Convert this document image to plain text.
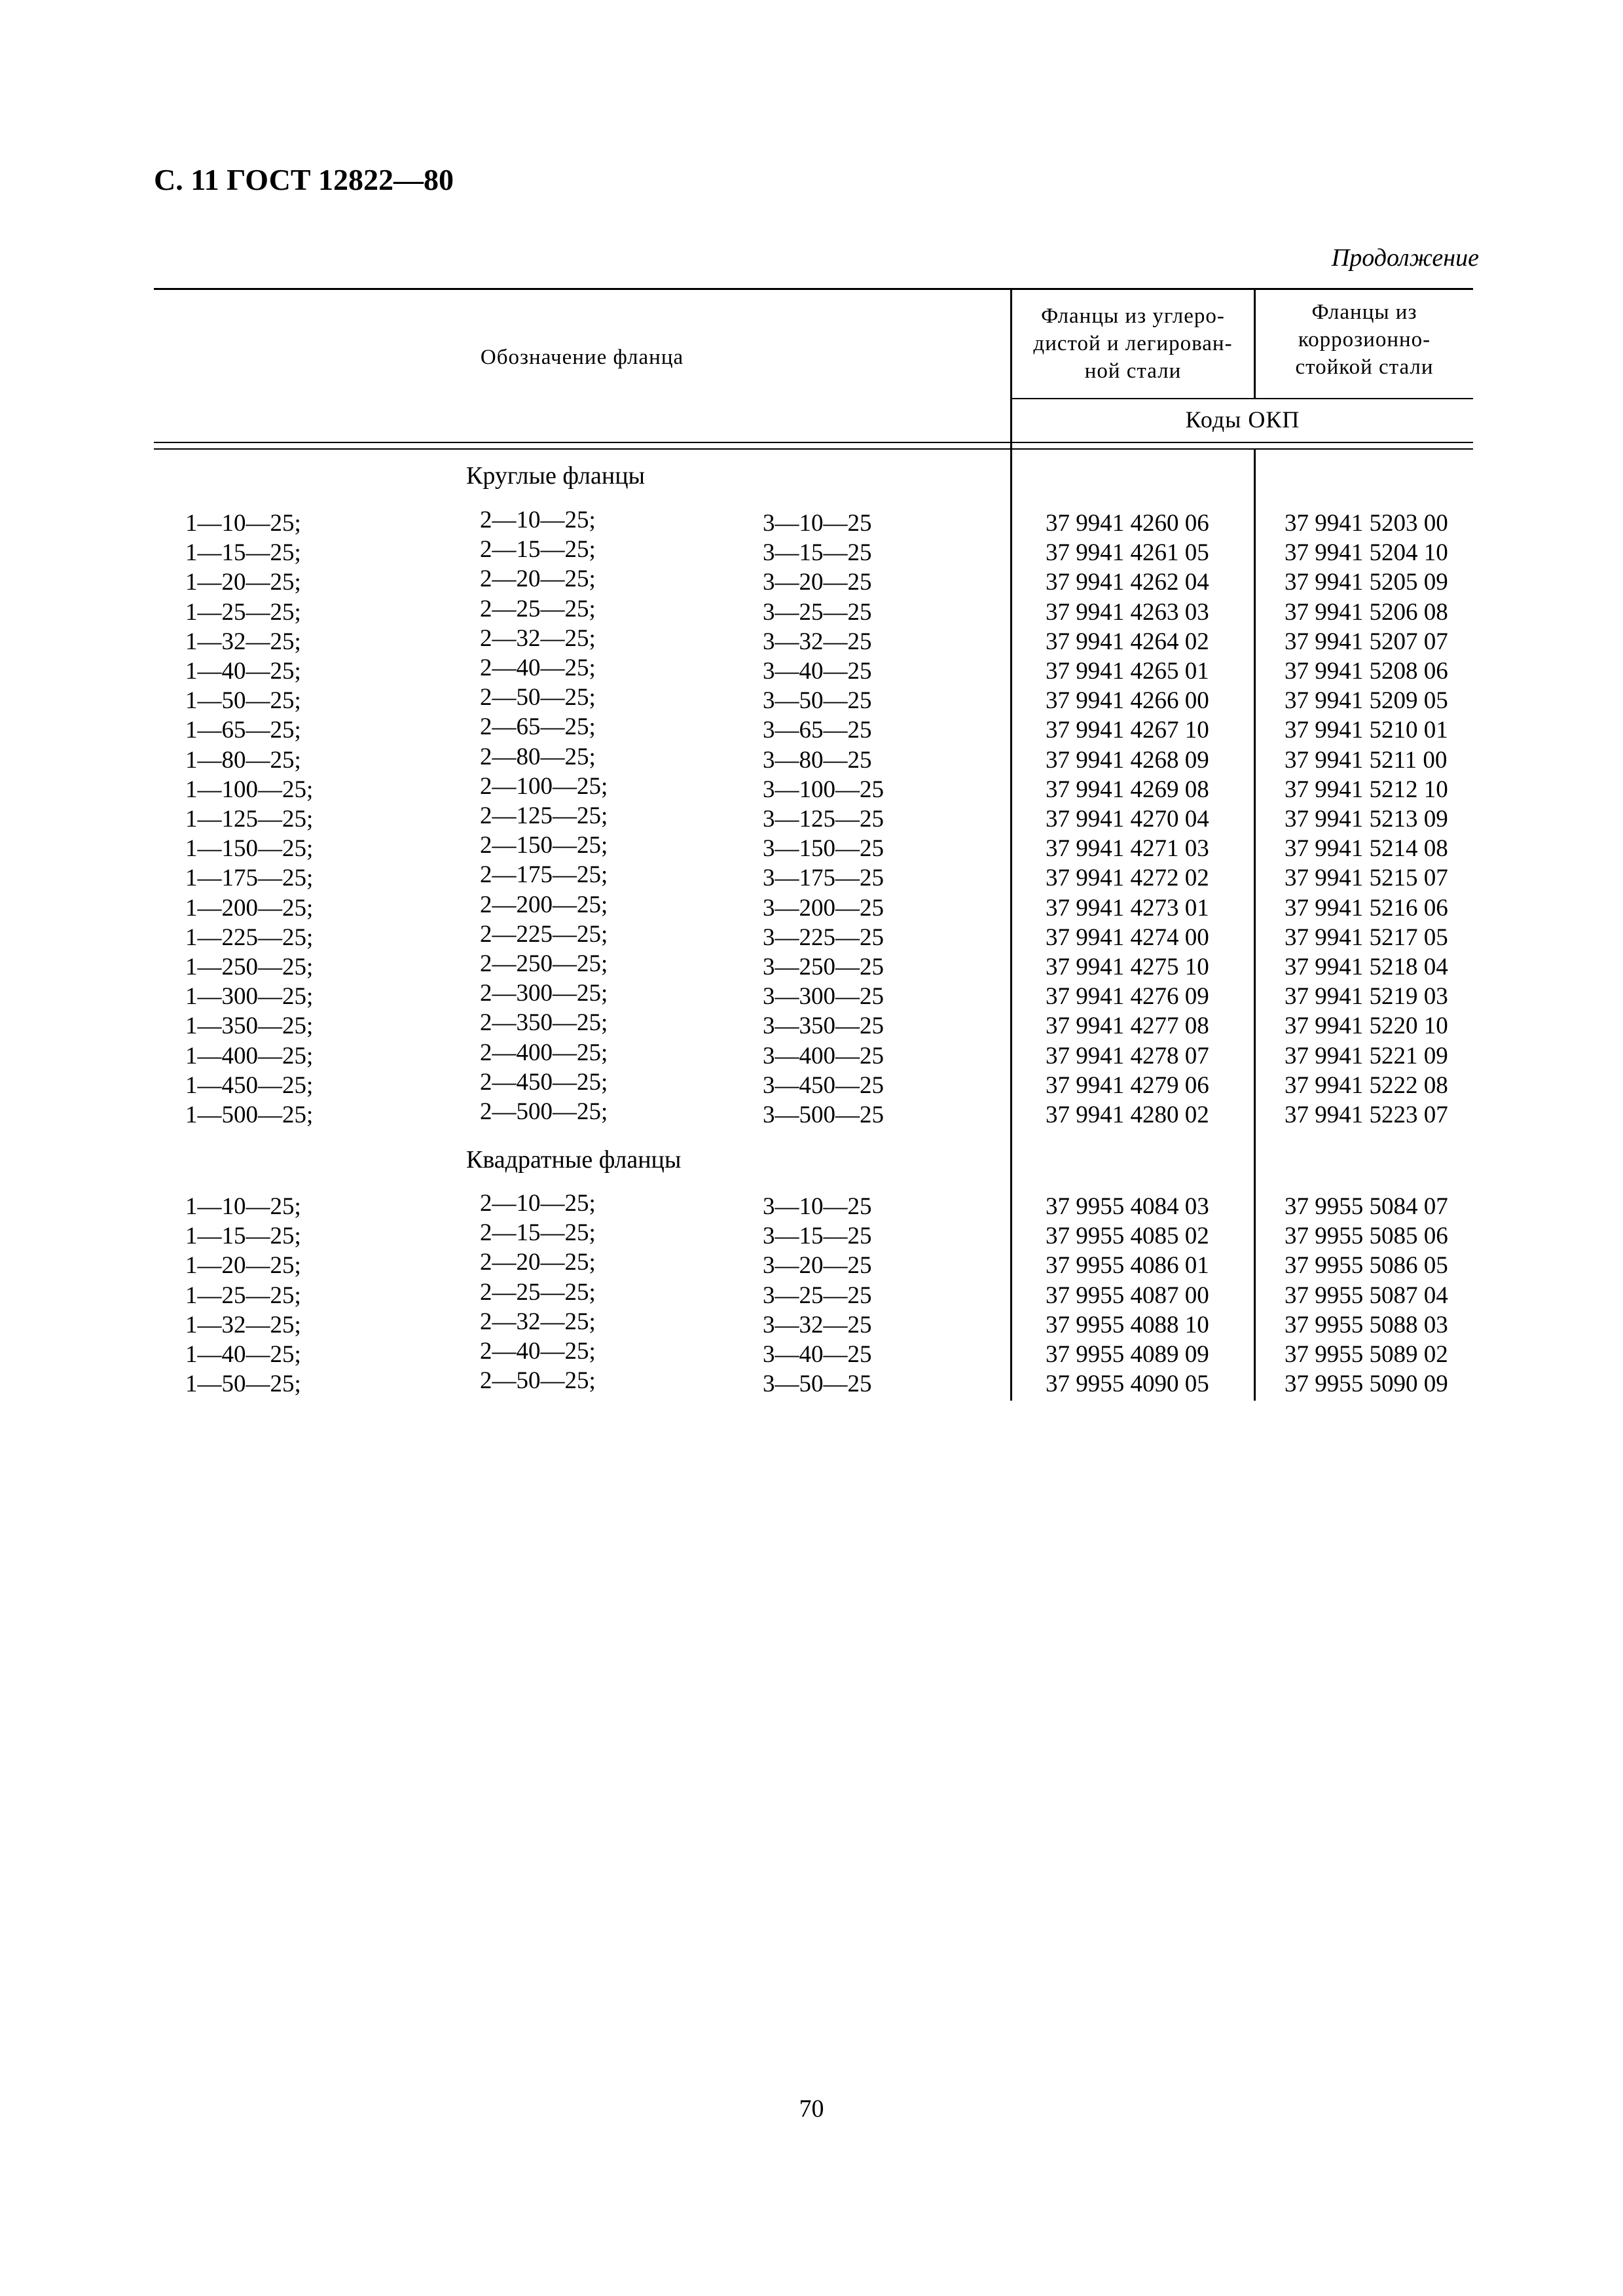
С. 11 ГОСТ 12822—80
Продолжение
Обозначение фланца
Фланцы из углеро-
дистой и легирован-
ной стали
Фланцы из
коррозионно-
стойкой стали
Коды ОКП
Круглые фланцы
1—10—25;	2—10—25;	3—10—25	37 9941 4260 06	37 9941 5203 00
1—15—25;	2—15—25;	3—15—25	37 9941 4261 05	37 9941 5204 10
1—20—25;	2—20—25;	3—20—25	37 9941 4262 04	37 9941 5205 09
1—25—25;	2—25—25;	3—25—25	37 9941 4263 03	37 9941 5206 08
1—32—25;	2—32—25;	3—32—25	37 9941 4264 02	37 9941 5207 07
1—40—25;	2—40—25;	3—40—25	37 9941 4265 01	37 9941 5208 06
1—50—25;	2—50—25;	3—50—25	37 9941 4266 00	37 9941 5209 05
1—65—25;	2—65—25;	3—65—25	37 9941 4267 10	37 9941 5210 01
1—80—25;	2—80—25;	3—80—25	37 9941 4268 09	37 9941 5211 00
1—100—25;	2—100—25;	3—100—25	37 9941 4269 08	37 9941 5212 10
1—125—25;	2—125—25;	3—125—25	37 9941 4270 04	37 9941 5213 09
1—150—25;	2—150—25;	3—150—25	37 9941 4271 03	37 9941 5214 08
1—175—25;	2—175—25;	3—175—25	37 9941 4272 02	37 9941 5215 07
1—200—25;	2—200—25;	3—200—25	37 9941 4273 01	37 9941 5216 06
1—225—25;	2—225—25;	3—225—25	37 9941 4274 00	37 9941 5217 05
1—250—25;	2—250—25;	3—250—25	37 9941 4275 10	37 9941 5218 04
1—300—25;	2—300—25;	3—300—25	37 9941 4276 09	37 9941 5219 03
1—350—25;	2—350—25;	3—350—25	37 9941 4277 08	37 9941 5220 10
1—400—25;	2—400—25;	3—400—25	37 9941 4278 07	37 9941 5221 09
1—450—25;	2—450—25;	3—450—25	37 9941 4279 06	37 9941 5222 08
1—500—25;	2—500—25;	3—500—25	37 9941 4280 02	37 9941 5223 07
Квадратные фланцы
1—10—25;	2—10—25;	3—10—25	37 9955 4084 03	37 9955 5084 07
1—15—25;	2—15—25;	3—15—25	37 9955 4085 02	37 9955 5085 06
1—20—25;	2—20—25;	3—20—25	37 9955 4086 01	37 9955 5086 05
1—25—25;	2—25—25;	3—25—25	37 9955 4087 00	37 9955 5087 04
1—32—25;	2—32—25;	3—32—25	37 9955 4088 10	37 9955 5088 03
1—40—25;	2—40—25;	3—40—25	37 9955 4089 09	37 9955 5089 02
1—50—25;	2—50—25;	3—50—25	37 9955 4090 05	37 9955 5090 09
70
